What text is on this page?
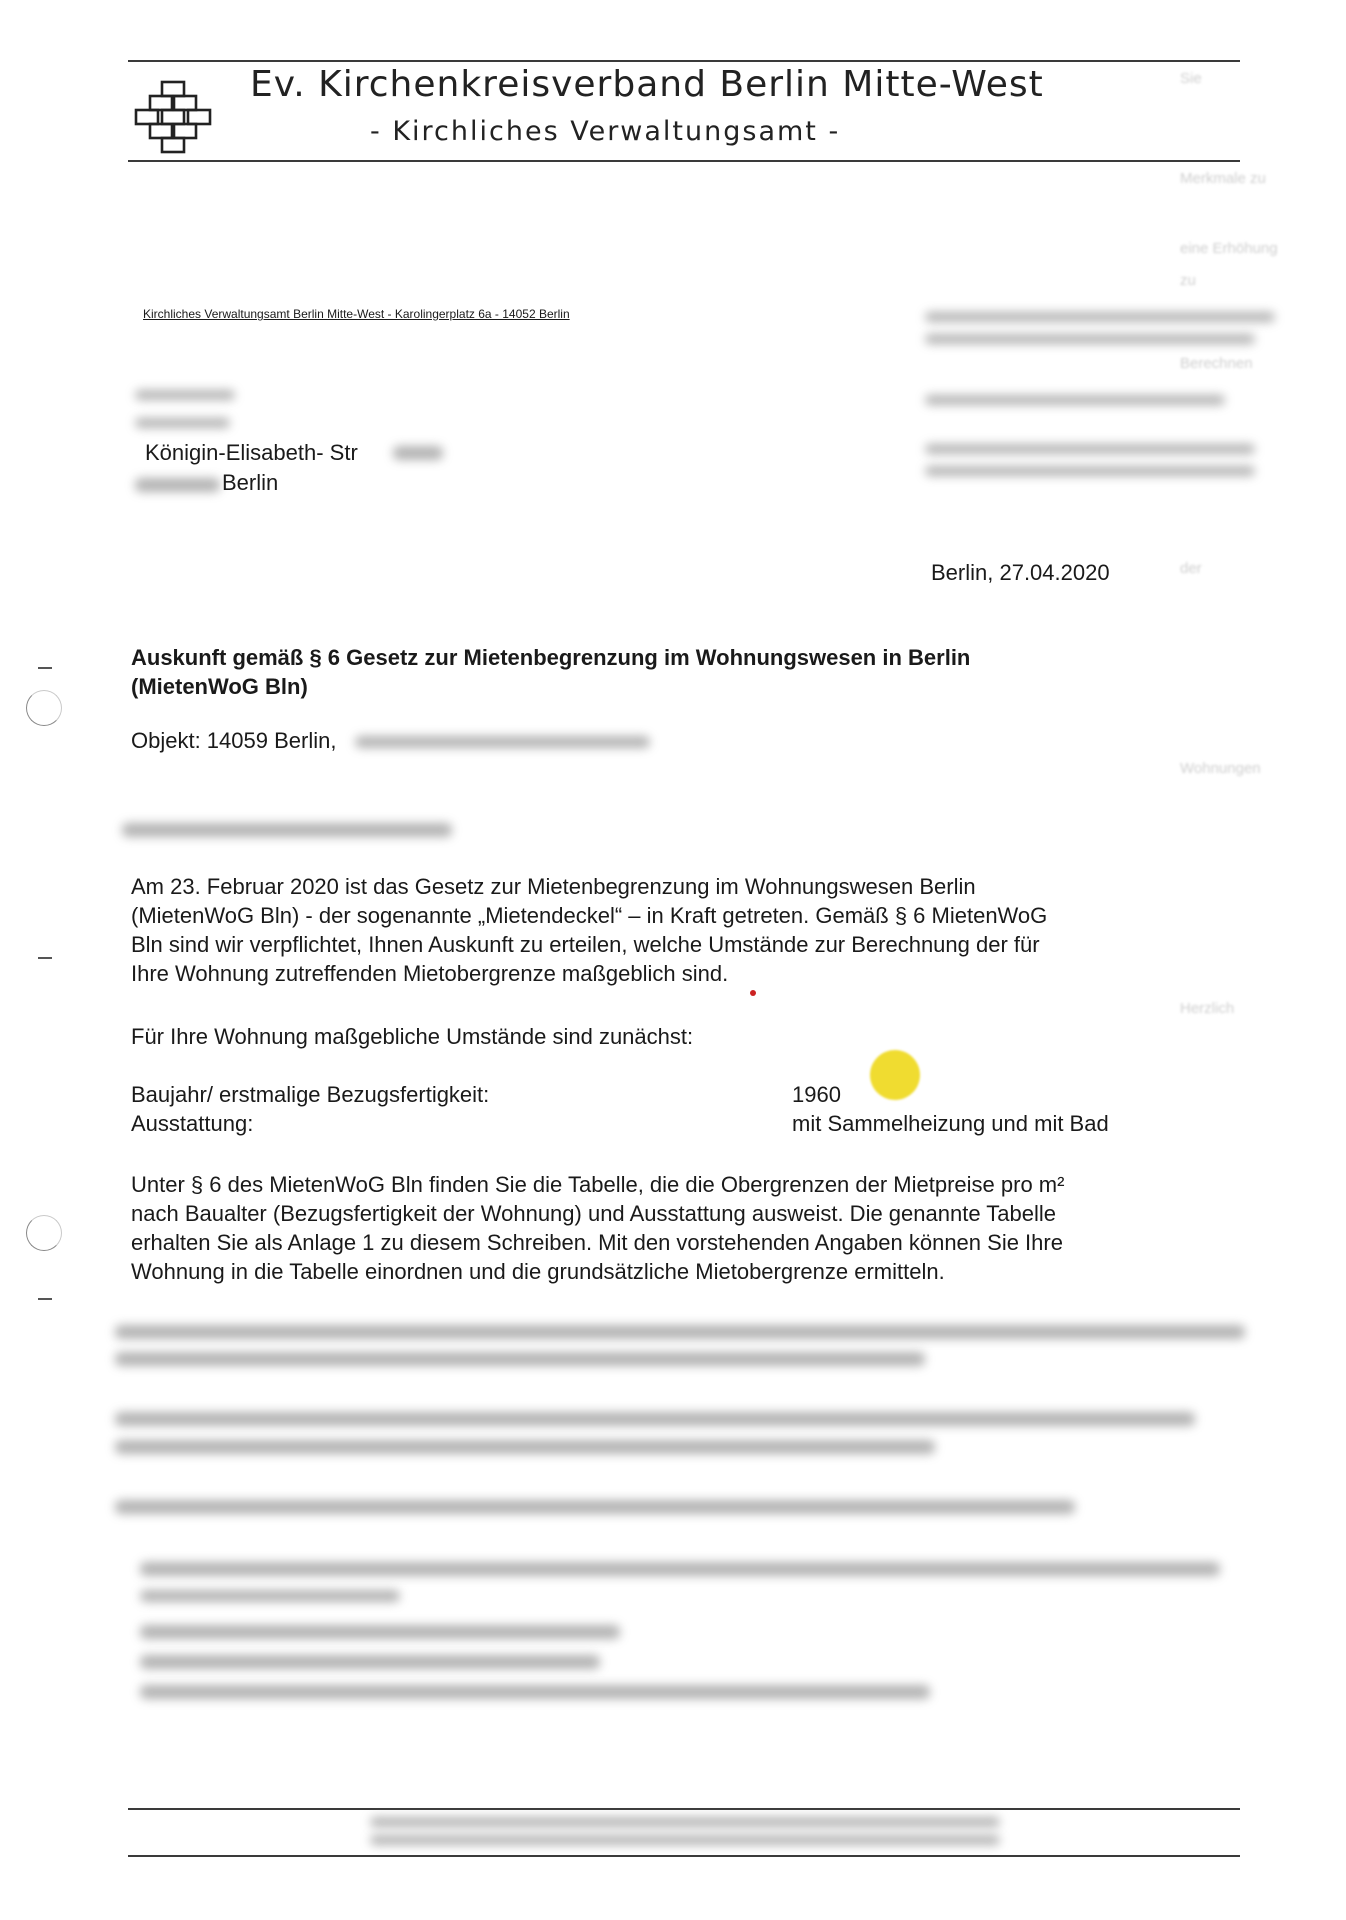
Sie
Merkmale zu
eine Erhöhung
zu
Berechnen
der
Wohnungen
Herzlich
Ev. Kirchenkreisverband Berlin Mitte-West
- Kirchliches Verwaltungsamt -
Kirchliches Verwaltungsamt Berlin Mitte-West - Karolingerplatz 6a - 14052 Berlin
Königin-Elisabeth- Str
Berlin
Berlin, 27.04.2020
Auskunft gemäß § 6 Gesetz zur Mietenbegrenzung im Wohnungswesen in Berlin
(MietenWoG Bln)
Objekt: 14059 Berlin,
Am 23. Februar 2020 ist das Gesetz zur Mietenbegrenzung im Wohnungswesen Berlin
(MietenWoG Bln) - der sogenannte „Mietendeckel“ – in Kraft getreten. Gemäß § 6 MietenWoG
Bln sind wir verpflichtet, Ihnen Auskunft zu erteilen, welche Umstände zur Berechnung der für
Ihre Wohnung zutreffenden Mietobergrenze maßgeblich sind.
Für Ihre Wohnung maßgebliche Umstände sind zunächst:
Baujahr/ erstmalige Bezugsfertigkeit:	1960
Ausstattung:	mit Sammelheizung und mit Bad
Unter § 6 des MietenWoG Bln finden Sie die Tabelle, die die Obergrenzen der Mietpreise pro m²
nach Baualter (Bezugsfertigkeit der Wohnung) und Ausstattung ausweist. Die genannte Tabelle
erhalten Sie als Anlage 1 zu diesem Schreiben. Mit den vorstehenden Angaben können Sie Ihre
Wohnung in die Tabelle einordnen und die grundsätzliche Mietobergrenze ermitteln.
